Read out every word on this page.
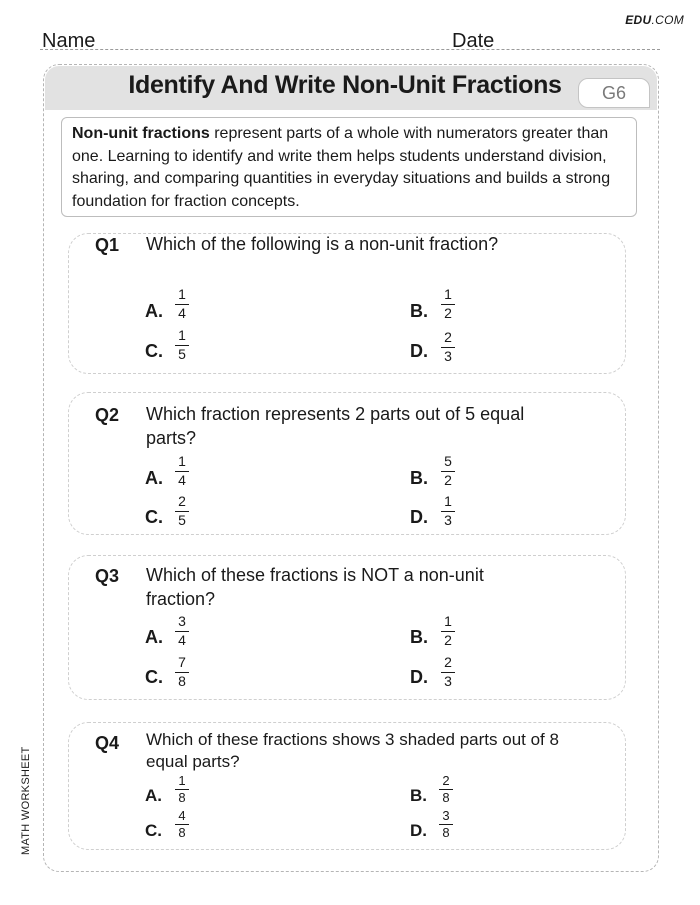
EDU.COM
Name	Date
MATH WORKSHEET
Identify And Write Non-Unit Fractions	G6
Non-unit fractions represent parts of a whole with numerators greater than one. Learning to identify and write them helps students understand division, sharing, and comparing quantities in everyday situations and builds a strong foundation for fraction concepts.
Q1 Which of the following is a non-unit fraction?
A.
1
4	B.
1
2
C.
1
5	D.
2
3
Q2 Which fraction represents 2 parts out of 5 equal
parts?
A.
1
4	B.
5
2
C.
2
5	D.
1
3
Q3 Which of these fractions is NOT a non-unit
fraction?
A.
3
4	B.
1
2
C.
7
8	D.
2
3
Q4 Which of these fractions shows 3 shaded parts out of 8
equal parts?
A.
1
8	B.
2
8
C.
4
8	D.
3
8
